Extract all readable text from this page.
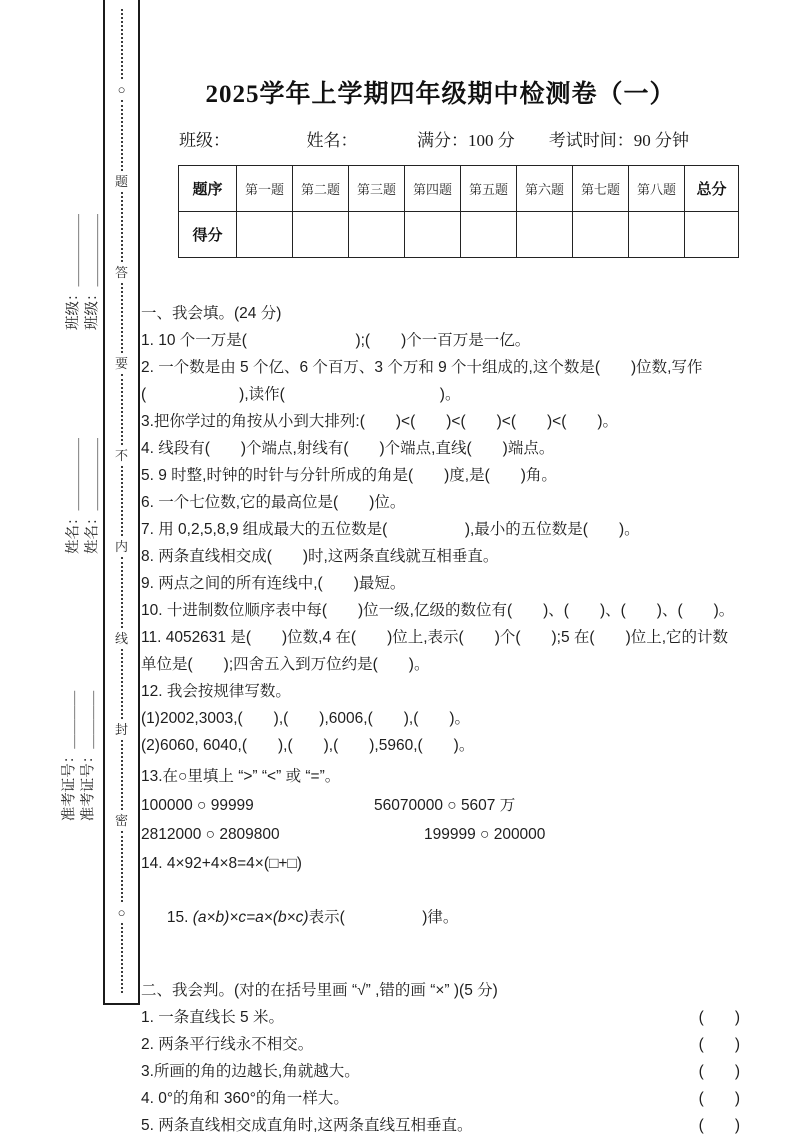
○
题
答
要
不
内
线
封
密
○
班级：＿＿＿＿＿ 班级：＿＿＿＿＿
姓名：＿＿＿＿＿ 姓名：＿＿＿＿＿
准考证号：＿＿＿＿ 准考证号：＿＿＿＿
2025学年上学期四年级期中检测卷（一）
班级：　　　　　姓名：　　　　满分：100 分　　考试时间：90 分钟
题序	第一题	第二题	第三题	第四题	第五题	第六题	第七题	第八题	总分
得分									
一、我会填。(24 分)
1. 10 个一万是(　　　　　　　);(　　)个一百万是一亿。
2. 一个数是由 5 个亿、6 个百万、3 个万和 9 个十组成的,这个数是(　　)位数,写作
(　　　　　　),读作(　　　　　　　　　　)。
3.把你学过的角按从小到大排列:(　　)<(　　)<(　　)<(　　)<(　　)。
4. 线段有(　　)个端点,射线有(　　)个端点,直线(　　)端点。
5. 9 时整,时钟的时针与分针所成的角是(　　)度,是(　　)角。
6. 一个七位数,它的最高位是(　　)位。
7. 用 0,2,5,8,9 组成最大的五位数是(　　　　　),最小的五位数是(　　)。
8. 两条直线相交成(　　)时,这两条直线就互相垂直。
9. 两点之间的所有连线中,(　　)最短。
10. 十进制数位顺序表中每(　　)位一级,亿级的数位有(　　)、(　　)、(　　)、(　　)。
11. 4052631 是(　　)位数,4 在(　　)位上,表示(　　)个(　　);5 在(　　)位上,它的计数
单位是(　　);四舍五入到万位约是(　　)。
12. 我会按规律写数。
(1)2002,3003,(　　),(　　),6006,(　　),(　　)。
(2)6060, 6040,(　　),(　　),(　　),5960,(　　)。
13.在○里填上 “>” “<” 或 “=”。
100000 ○ 99999	56070000 ○ 5607 万
2812000 ○ 2809800	199999 ○ 200000
14. 4×92+4×8=4×(□+□)

15. (a×b)×c=a×(b×c)表示(　　　　　)律。

二、我会判。(对的在括号里画 “√” ,错的画 “×” )(5 分)
1. 一条直线长 5 米。	(　　)
2. 两条平行线永不相交。	(　　)
3.所画的角的边越长,角就越大。	(　　)
4. 0°的角和 360°的角一样大。	(　　)
5. 两条直线相交成直角时,这两条直线互相垂直。	(　　)
